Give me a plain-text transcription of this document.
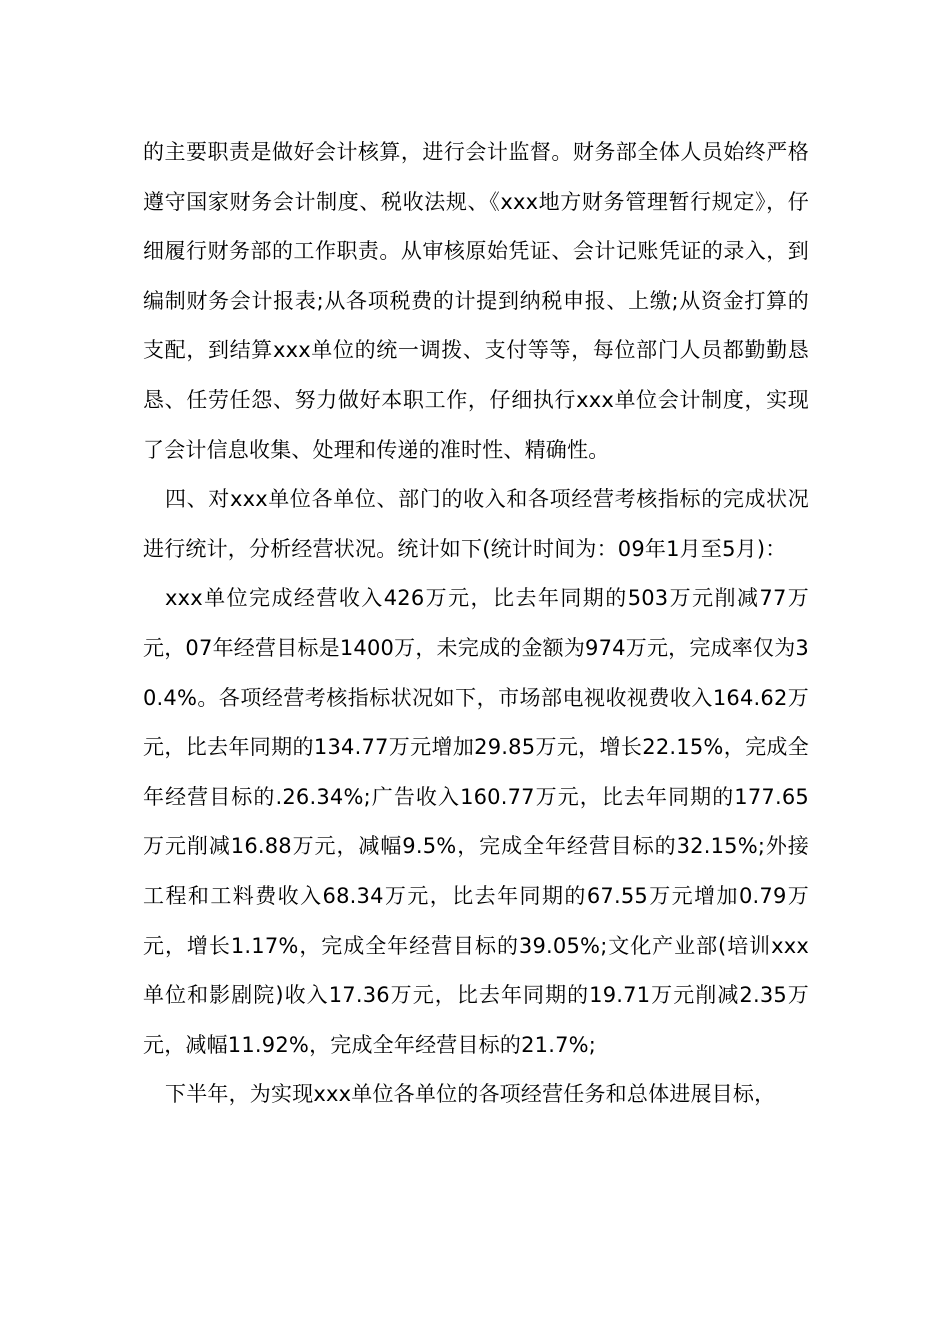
的主要职责是做好会计核算，进行会计监督。财务部全体人员始终严格遵守国家财务会计制度、税收法规、《xxx地方财务管理暂行规定》，仔细履行财务部的工作职责。从审核原始凭证、会计记账凭证的录入，到编制财务会计报表;从各项税费的计提到纳税申报、上缴;从资金打算的支配，到结算xxx单位的统一调拨、支付等等，每位部门人员都勤勤恳恳、任劳任怨、努力做好本职工作，仔细执行xxx单位会计制度，实现了会计信息收集、处理和传递的准时性、精确性。

四、对xxx单位各单位、部门的收入和各项经营考核指标的完成状况进行统计，分析经营状况。统计如下(统计时间为：09年1月至5月)：

xxx单位完成经营收入426万元，比去年同期的503万元削减77万元，07年经营目标是1400万，未完成的金额为974万元，完成率仅为30.4%。各项经营考核指标状况如下，市场部电视收视费收入164.62万元，比去年同期的134.77万元增加29.85万元，增长22.15%，完成全年经营目标的.26.34%;广告收入160.77万元，比去年同期的177.65万元削减16.88万元，减幅9.5%，完成全年经营目标的32.15%;外接工程和工料费收入68.34万元，比去年同期的67.55万元增加0.79万元，增长1.17%，完成全年经营目标的39.05%;文化产业部(培训xxx单位和影剧院)收入17.36万元，比去年同期的19.71万元削减2.35万元，减幅11.92%，完成全年经营目标的21.7%;

下半年，为实现xxx单位各单位的各项经营任务和总体进展目标，
